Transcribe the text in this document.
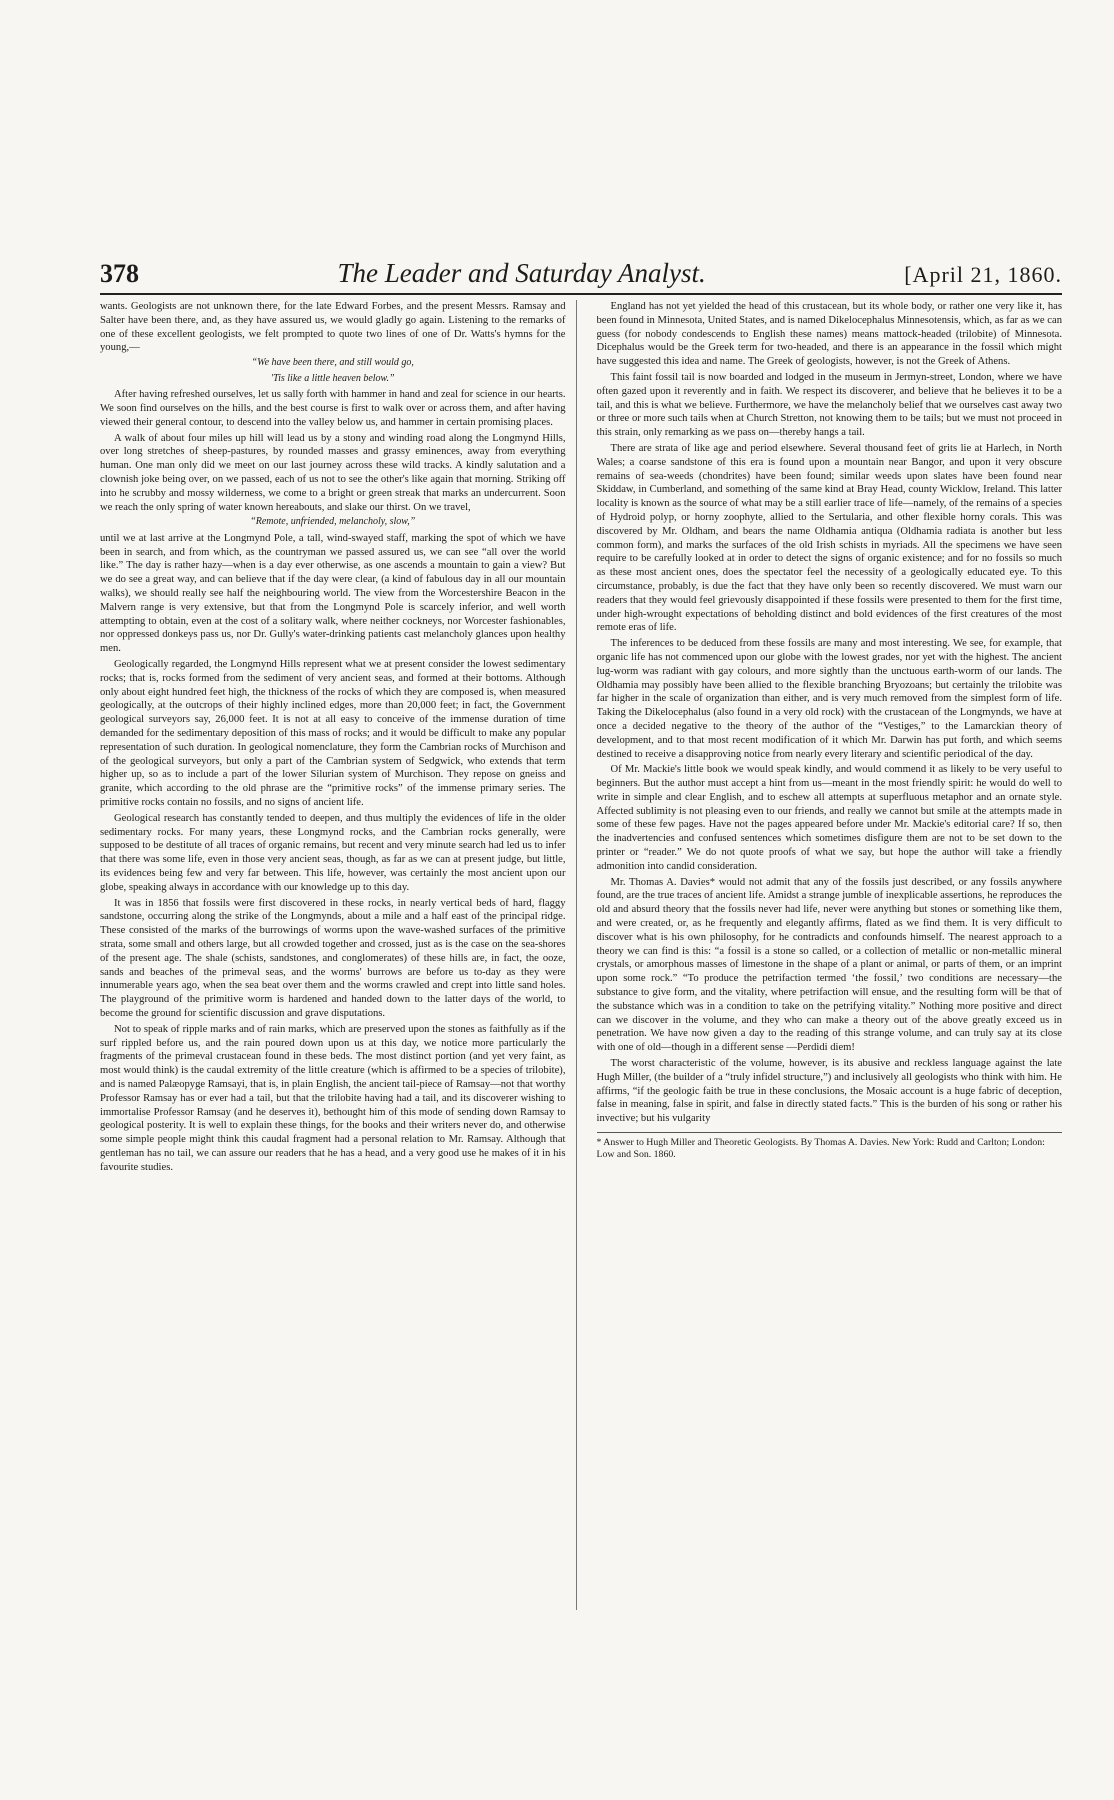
378	The Leader and Saturday Analyst.	[April 21, 1860.

wants. Geologists are not unknown there, for the late Edward Forbes, and the present Messrs. Ramsay and Salter have been there, and, as they have assured us, we would gladly go again. Listening to the remarks of one of these excellent geologists, we felt prompted to quote two lines of one of Dr. Watts's hymns for the young,—

“We have been there, and still would go,
'Tis like a little heaven below.”

After having refreshed ourselves, let us sally forth with hammer in hand and zeal for science in our hearts. We soon find ourselves on the hills, and the best course is first to walk over or across them, and after having viewed their general contour, to descend into the valley below us, and hammer in certain promising places.

A walk of about four miles up hill will lead us by a stony and winding road along the Longmynd Hills, over long stretches of sheep-pastures, by rounded masses and grassy eminences, away from everything human. One man only did we meet on our last journey across these wild tracks. A kindly salutation and a clownish joke being over, on we passed, each of us not to see the other's like again that morning. Striking off into he scrubby and mossy wilderness, we come to a bright or green streak that marks an undercurrent. Soon we reach the only spring of water known hereabouts, and slake our thirst. On we travel,

“Remote, unfriended, melancholy, slow,”

until we at last arrive at the Longmynd Pole, a tall, wind-swayed staff, marking the spot of which we have been in search, and from which, as the countryman we passed assured us, we can see “all over the world like.” The day is rather hazy—when is a day ever otherwise, as one ascends a mountain to gain a view? But we do see a great way, and can believe that if the day were clear, (a kind of fabulous day in all our mountain walks), we should really see half the neighbouring world. The view from the Worcestershire Beacon in the Malvern range is very extensive, but that from the Longmynd Pole is scarcely inferior, and well worth attempting to obtain, even at the cost of a solitary walk, where neither cockneys, nor Worcester fashionables, nor oppressed donkeys pass us, nor Dr. Gully's water-drinking patients cast melancholy glances upon healthy men.

Geologically regarded, the Longmynd Hills represent what we at present consider the lowest sedimentary rocks; that is, rocks formed from the sediment of very ancient seas, and formed at their bottoms. Although only about eight hundred feet high, the thickness of the rocks of which they are composed is, when measured geologically, at the outcrops of their highly inclined edges, more than 20,000 feet; in fact, the Government geological surveyors say, 26,000 feet. It is not at all easy to conceive of the immense duration of time demanded for the sedimentary deposition of this mass of rocks; and it would be difficult to make any popular representation of such duration. In geological nomenclature, they form the Cambrian rocks of Murchison and of the geological surveyors, but only a part of the Cambrian system of Sedgwick, who extends that term higher up, so as to include a part of the lower Silurian system of Murchison. They repose on gneiss and granite, which according to the old phrase are the “primitive rocks” of the immense primary series. The primitive rocks contain no fossils, and no signs of ancient life.

Geological research has constantly tended to deepen, and thus multiply the evidences of life in the older sedimentary rocks. For many years, these Longmynd rocks, and the Cambrian rocks generally, were supposed to be destitute of all traces of organic remains, but recent and very minute search had led us to infer that there was some life, even in those very ancient seas, though, as far as we can at present judge, but little, its evidences being few and very far between. This life, however, was certainly the most ancient upon our globe, speaking always in accordance with our knowledge up to this day.

It was in 1856 that fossils were first discovered in these rocks, in nearly vertical beds of hard, flaggy sandstone, occurring along the strike of the Longmynds, about a mile and a half east of the principal ridge. These consisted of the marks of the burrowings of worms upon the wave-washed surfaces of the primitive strata, some small and others large, but all crowded together and crossed, just as is the case on the sea-shores of the present age. The shale (schists, sandstones, and conglomerates) of these hills are, in fact, the ooze, sands and beaches of the primeval seas, and the worms' burrows are before us to-day as they were innumerable years ago, when the sea beat over them and the worms crawled and crept into little sand holes. The playground of the primitive worm is hardened and handed down to the latter days of the world, to become the ground for scientific discussion and grave disputations.

Not to speak of ripple marks and of rain marks, which are preserved upon the stones as faithfully as if the surf rippled before us, and the rain poured down upon us at this day, we notice more particularly the fragments of the primeval crustacean found in these beds. The most distinct portion (and yet very faint, as most would think) is the caudal extremity of the little creature (which is affirmed to be a species of trilobite), and is named Palæopyge Ramsayi, that is, in plain English, the ancient tail-piece of Ramsay—not that worthy Professor Ramsay has or ever had a tail, but that the trilobite having had a tail, and its discoverer wishing to immortalise Professor Ramsay (and he deserves it), bethought him of this mode of sending down Ramsay to geological posterity. It is well to explain these things, for the books and their writers never do, and otherwise some simple people might think this caudal fragment had a personal relation to Mr. Ramsay. Although that gentleman has no tail, we can assure our readers that he has a head, and a very good use he makes of it in his favourite studies.

England has not yet yielded the head of this crustacean, but its whole body, or rather one very like it, has been found in Minnesota, United States, and is named Dikelocephalus Minnesotensis, which, as far as we can guess (for nobody condescends to English these names) means mattock-headed (trilobite) of Minnesota. Dicephalus would be the Greek term for two-headed, and there is an appearance in the fossil which might have suggested this idea and name. The Greek of geologists, however, is not the Greek of Athens.

This faint fossil tail is now boarded and lodged in the museum in Jermyn-street, London, where we have often gazed upon it reverently and in faith. We respect its discoverer, and believe that he believes it to be a tail, and this is what we believe. Furthermore, we have the melancholy belief that we ourselves cast away two or three or more such tails when at Church Stretton, not knowing them to be tails; but we must not proceed in this strain, only remarking as we pass on—thereby hangs a tail.

There are strata of like age and period elsewhere. Several thousand feet of grits lie at Harlech, in North Wales; a coarse sandstone of this era is found upon a mountain near Bangor, and upon it very obscure remains of sea-weeds (chondrites) have been found; similar weeds upon slates have been found near Skiddaw, in Cumberland, and something of the same kind at Bray Head, county Wicklow, Ireland. This latter locality is known as the source of what may be a still earlier trace of life—namely, of the remains of a species of Hydroid polyp, or horny zoophyte, allied to the Sertularia, and other flexible horny corals. This was discovered by Mr. Oldham, and bears the name Oldhamia antiqua (Oldhamia radiata is another but less common form), and marks the surfaces of the old Irish schists in myriads. All the specimens we have seen require to be carefully looked at in order to detect the signs of organic existence; and for no fossils so much as these most ancient ones, does the spectator feel the necessity of a geologically educated eye. To this circumstance, probably, is due the fact that they have only been so recently discovered. We must warn our readers that they would feel grievously disappointed if these fossils were presented to them for the first time, under high-wrought expectations of beholding distinct and bold evidences of the first creatures of the most remote eras of life.

The inferences to be deduced from these fossils are many and most interesting. We see, for example, that organic life has not commenced upon our globe with the lowest grades, nor yet with the highest. The ancient lug-worm was radiant with gay colours, and more sightly than the unctuous earth-worm of our lands. The Oldhamia may possibly have been allied to the flexible branching Bryozoans; but certainly the trilobite was far higher in the scale of organization than either, and is very much removed from the simplest form of life. Taking the Dikelocephalus (also found in a very old rock) with the crustacean of the Longmynds, we have at once a decided negative to the theory of the author of the “Vestiges,” to the Lamarckian theory of development, and to that most recent modification of it which Mr. Darwin has put forth, and which seems destined to receive a disapproving notice from nearly every literary and scientific periodical of the day.

Of Mr. Mackie's little book we would speak kindly, and would commend it as likely to be very useful to beginners. But the author must accept a hint from us—meant in the most friendly spirit: he would do well to write in simple and clear English, and to eschew all attempts at superfluous metaphor and an ornate style. Affected sublimity is not pleasing even to our friends, and really we cannot but smile at the attempts made in some of these few pages. Have not the pages appeared before under Mr. Mackie's editorial care? If so, then the inadvertencies and confused sentences which sometimes disfigure them are not to be set down to the printer or “reader.” We do not quote proofs of what we say, but hope the author will take a friendly admonition into candid consideration.

Mr. Thomas A. Davies* would not admit that any of the fossils just described, or any fossils anywhere found, are the true traces of ancient life. Amidst a strange jumble of inexplicable assertions, he reproduces the old and absurd theory that the fossils never had life, never were anything but stones or something like them, and were created, or, as he frequently and elegantly affirms, flated as we find them. It is very difficult to discover what is his own philosophy, for he contradicts and confounds himself. The nearest approach to a theory we can find is this: “a fossil is a stone so called, or a collection of metallic or non-metallic mineral crystals, or amorphous masses of limestone in the shape of a plant or animal, or parts of them, or an imprint upon some rock.” “To produce the petrifaction termed ‘the fossil,’ two conditions are necessary—the substance to give form, and the vitality, where petrifaction will ensue, and the resulting form will be that of the substance which was in a condition to take on the petrifying vitality.” Nothing more positive and direct can we discover in the volume, and they who can make a theory out of the above greatly exceed us in penetration. We have now given a day to the reading of this strange volume, and can truly say at its close with one of old—though in a different sense —Perdidi diem!

The worst characteristic of the volume, however, is its abusive and reckless language against the late Hugh Miller, (the builder of a “truly infidel structure,”) and inclusively all geologists who think with him. He affirms, “if the geologic faith be true in these conclusions, the Mosaic account is a huge fabric of deception, false in meaning, false in spirit, and false in directly stated facts.” This is the burden of his song or rather his invective; but his vulgarity

* Answer to Hugh Miller and Theoretic Geologists. By Thomas A. Davies. New York: Rudd and Carlton; London: Low and Son. 1860.
